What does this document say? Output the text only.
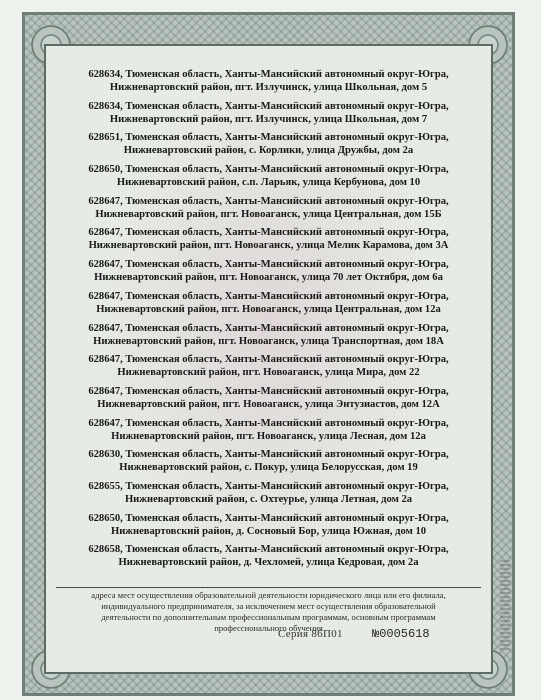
628634, Тюменская область, Ханты-Мансийский автономный округ-Югра,
Нижневартовский район, пгт. Излучинск, улица Школьная, дом 5
628634, Тюменская область, Ханты-Мансийский автономный округ-Югра,
Нижневартовский район, пгт. Излучинск, улица Школьная, дом 7
628651, Тюменская область, Ханты-Мансийский автономный округ-Югра,
Нижневартовский район, с. Корлики, улица Дружбы, дом 2а
628650, Тюменская область, Ханты-Мансийский автономный округ-Югра,
Нижневартовский район, с.п. Ларьяк, улица Кербунова, дом 10
628647, Тюменская область, Ханты-Мансийский автономный округ-Югра,
Нижневартовский район, пгт. Новоаганск, улица Центральная, дом 15Б
628647, Тюменская область, Ханты-Мансийский автономный округ-Югра,
Нижневартовский район, пгт. Новоаганск, улица Мелик Карамова, дом 3А
628647, Тюменская область, Ханты-Мансийский автономный округ-Югра,
Нижневартовский район, пгт. Новоаганск, улица 70 лет Октября, дом 6а
628647, Тюменская область, Ханты-Мансийский автономный округ-Югра,
Нижневартовский район, пгт. Новоаганск, улица Центральная, дом 12а
628647, Тюменская область, Ханты-Мансийский автономный округ-Югра,
Нижневартовский район, пгт. Новоаганск, улица Транспортная, дом 18А
628647, Тюменская область, Ханты-Мансийский автономный округ-Югра,
Нижневартовский район, пгт. Новоаганск, улица Мира, дом 22
628647, Тюменская область, Ханты-Мансийский автономный округ-Югра,
Нижневартовский район, пгт. Новоаганск, улица Энтузиастов, дом 12А
628647, Тюменская область, Ханты-Мансийский автономный округ-Югра,
Нижневартовский район, пгт. Новоаганск, улица Лесная, дом 12а
628630, Тюменская область, Ханты-Мансийский автономный округ-Югра,
Нижневартовский район, с. Покур, улица Белорусская, дом 19
628655, Тюменская область, Ханты-Мансийский автономный округ-Югра,
Нижневартовский район, с. Охтеурье, улица Летная, дом 2а
628650, Тюменская область, Ханты-Мансийский автономный округ-Югра,
Нижневартовский район, д. Сосновый Бор, улица Южная, дом 10
628658, Тюменская область, Ханты-Мансийский автономный округ-Югра,
Нижневартовский район, д. Чехломей, улица Кедровая, дом 2а
адреса мест осуществления образовательной деятельности юридического лица или его филиала,
индивидуального предпринимателя, за исключением мест осуществления образовательной
деятельности по дополнительным профессиональным программам, основным программам
профессионального обучения
Серия 86П01 №0005618
